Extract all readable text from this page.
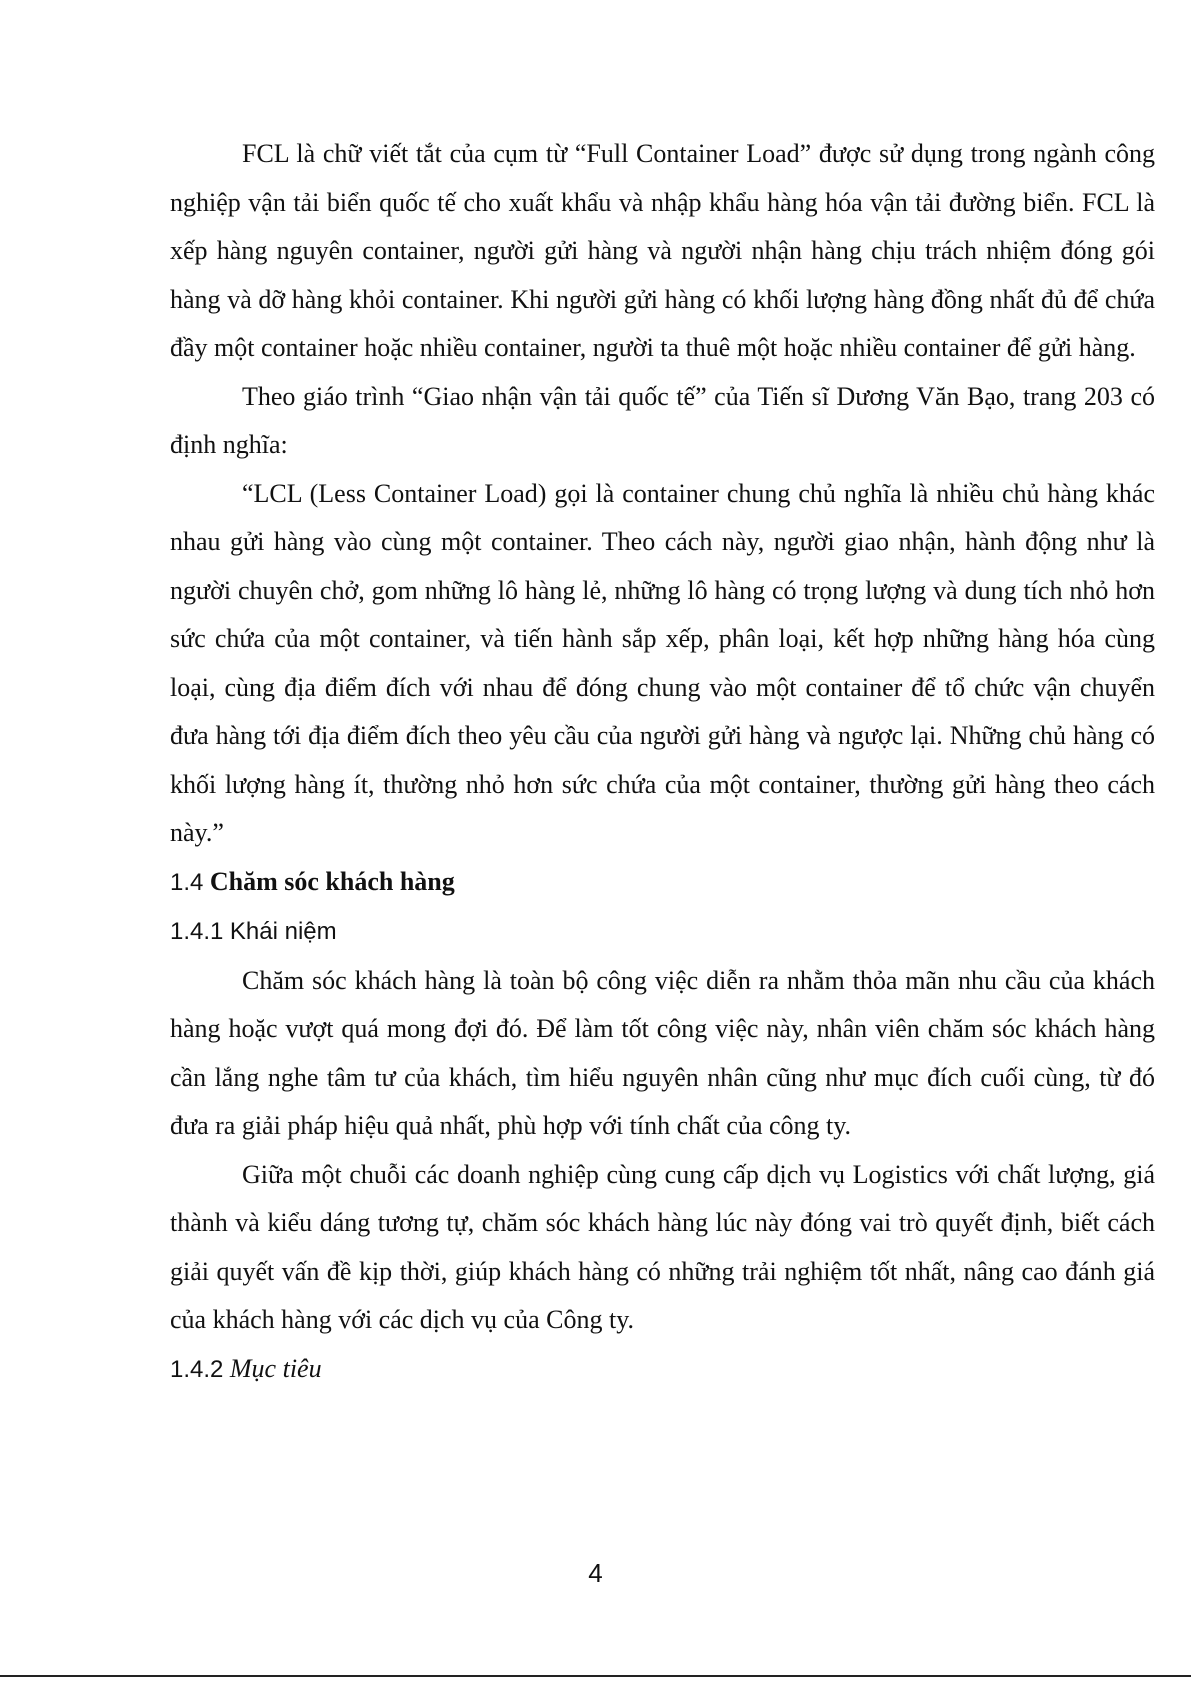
FCL là chữ viết tắt của cụm từ “Full Container Load” được sử dụng trong ngành công nghiệp vận tải biển quốc tế cho xuất khẩu và nhập khẩu hàng hóa vận tải đường biển. FCL là xếp hàng nguyên container, người gửi hàng và người nhận hàng chịu trách nhiệm đóng gói hàng và dỡ hàng khỏi container. Khi người gửi hàng có khối lượng hàng đồng nhất đủ để chứa đầy một container hoặc nhiều container, người ta thuê một hoặc nhiều container để gửi hàng.

Theo giáo trình “Giao nhận vận tải quốc tế” của Tiến sĩ Dương Văn Bạo, trang 203 có định nghĩa:

“LCL (Less Container Load) gọi là container chung chủ nghĩa là nhiều chủ hàng khác nhau gửi hàng vào cùng một container. Theo cách này, người giao nhận, hành động như là người chuyên chở, gom những lô hàng lẻ, những lô hàng có trọng lượng và dung tích nhỏ hơn sức chứa của một container, và tiến hành sắp xếp, phân loại, kết hợp những hàng hóa cùng loại, cùng địa điểm đích với nhau để đóng chung vào một container để tổ chức vận chuyển đưa hàng tới địa điểm đích theo yêu cầu của người gửi hàng và ngược lại. Những chủ hàng có khối lượng hàng ít, thường nhỏ hơn sức chứa của một container, thường gửi hàng theo cách này.”

1.4 Chăm sóc khách hàng

1.4.1 Khái niệm

Chăm sóc khách hàng là toàn bộ công việc diễn ra nhằm thỏa mãn nhu cầu của khách hàng hoặc vượt quá mong đợi đó. Để làm tốt công việc này, nhân viên chăm sóc khách hàng cần lắng nghe tâm tư của khách, tìm hiểu nguyên nhân cũng như mục đích cuối cùng, từ đó đưa ra giải pháp hiệu quả nhất, phù hợp với tính chất của công ty.

Giữa một chuỗi các doanh nghiệp cùng cung cấp dịch vụ Logistics với chất lượng, giá thành và kiểu dáng tương tự, chăm sóc khách hàng lúc này đóng vai trò quyết định, biết cách giải quyết vấn đề kịp thời, giúp khách hàng có những trải nghiệm tốt nhất, nâng cao đánh giá của khách hàng với các dịch vụ của Công ty.

1.4.2 Mục tiêu

4
